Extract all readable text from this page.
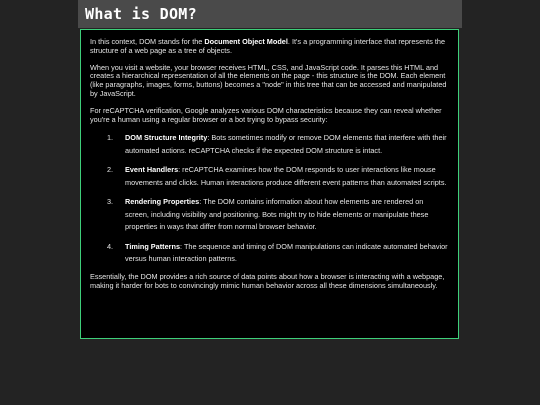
What is DOM?

In this context, DOM stands for the Document Object Model. It's a programming interface that represents the structure of a web page as a tree of objects.

When you visit a website, your browser receives HTML, CSS, and JavaScript code. It parses this HTML and creates a hierarchical representation of all the elements on the page - this structure is the DOM. Each element (like paragraphs, images, forms, buttons) becomes a "node" in this tree that can be accessed and manipulated by JavaScript.

For reCAPTCHA verification, Google analyzes various DOM characteristics because they can reveal whether you're a human using a regular browser or a bot trying to bypass security:

1. DOM Structure Integrity: Bots sometimes modify or remove DOM elements that interfere with their automated actions. reCAPTCHA checks if the expected DOM structure is intact.
2. Event Handlers: reCAPTCHA examines how the DOM responds to user interactions like mouse movements and clicks. Human interactions produce different event patterns than automated scripts.
3. Rendering Properties: The DOM contains information about how elements are rendered on screen, including visibility and positioning. Bots might try to hide elements or manipulate these properties in ways that differ from normal browser behavior.
4. Timing Patterns: The sequence and timing of DOM manipulations can indicate automated behavior versus human interaction patterns.

Essentially, the DOM provides a rich source of data points about how a browser is interacting with a webpage, making it harder for bots to convincingly mimic human behavior across all these dimensions simultaneously.
